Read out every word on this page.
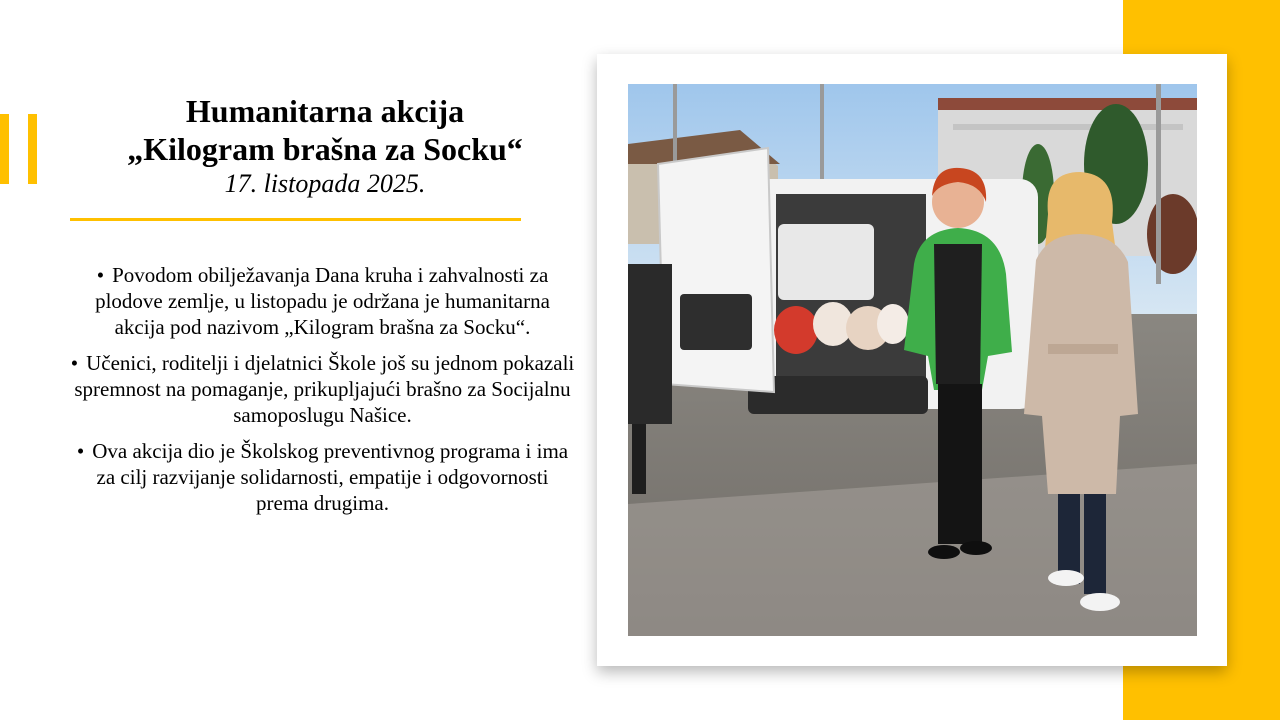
Humanitarna akcija

„Kilogram brašna za Socku“

17. listopada 2025.

• Povodom obilježavanja Dana kruha i zahvalnosti za plodove zemlje, u listopadu je održana je humanitarna akcija pod nazivom „Kilogram brašna za Socku“.
• Učenici, roditelji i djelatnici Škole još su jednom pokazali spremnost na pomaganje, prikupljajući brašno za Socijalnu samoposlugu Našice.
• Ova akcija dio je Školskog preventivnog programa i ima za cilj razvijanje solidarnosti, empatije i odgovornosti prema drugima.
